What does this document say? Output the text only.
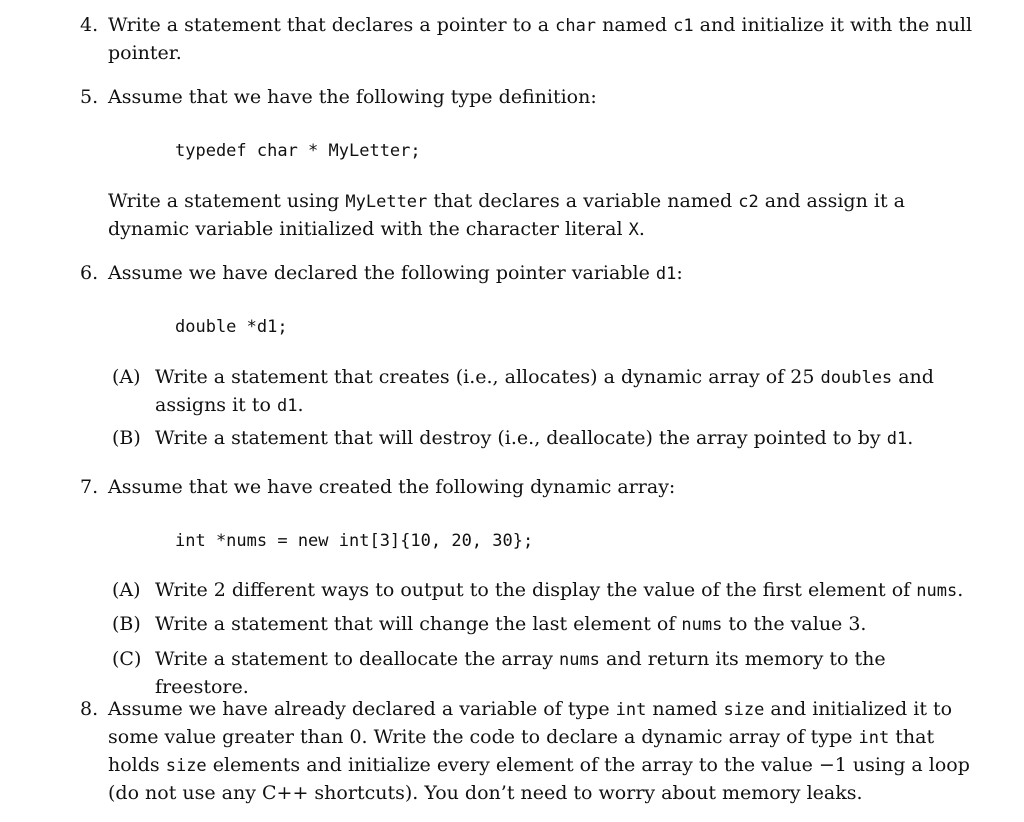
4. Write a statement that declares a pointer to a char named c1 and initialize it with the null pointer.
5. Assume that we have the following type definition:
typedef char * MyLetter;
Write a statement using MyLetter that declares a variable named c2 and assign it a dynamic variable initialized with the character literal X.
6. Assume we have declared the following pointer variable d1:
double *d1;
(A) Write a statement that creates (i.e., allocates) a dynamic array of 25 doubles and assigns it to d1.
(B) Write a statement that will destroy (i.e., deallocate) the array pointed to by d1.
7. Assume that we have created the following dynamic array:
int *nums = new int[3]{10, 20, 30};
(A) Write 2 different ways to output to the display the value of the first element of nums.
(B) Write a statement that will change the last element of nums to the value 3.
(C) Write a statement to deallocate the array nums and return its memory to the freestore.
8. Assume we have already declared a variable of type int named size and initialized it to some value greater than 0. Write the code to declare a dynamic array of type int that holds size elements and initialize every element of the array to the value −1 using a loop (do not use any C++ shortcuts). You don’t need to worry about memory leaks.
